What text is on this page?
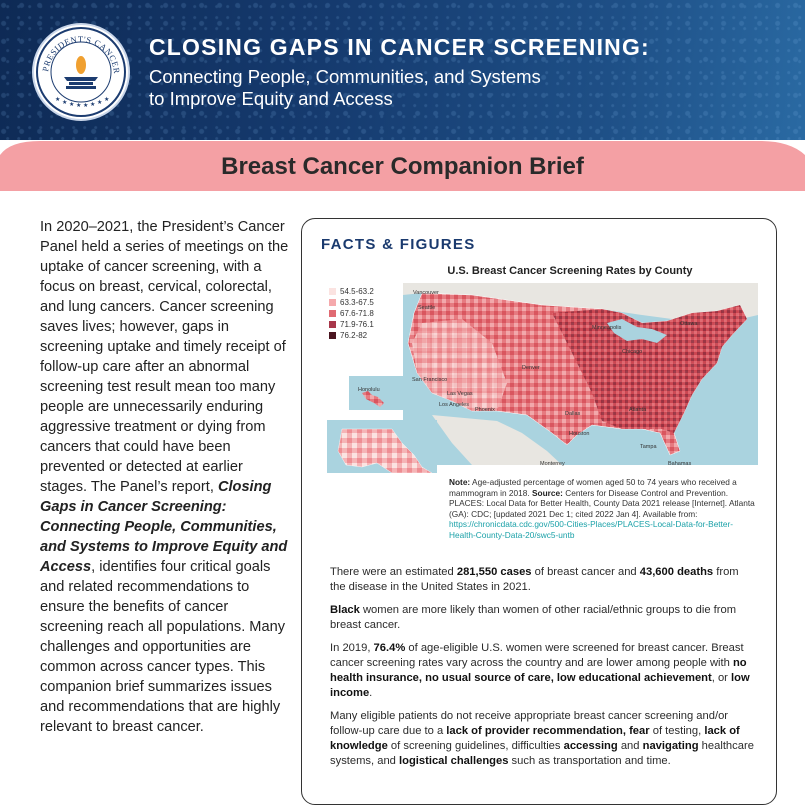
PRESIDENT'S CANCER
★ ★ ★ ★ ★ ★ ★ ★
CLOSING GAPS IN CANCER SCREENING:
Connecting People, Communities, and Systems
to Improve Equity and Access
Breast Cancer Companion Brief

In 2020–2021, the President’s Cancer Panel held a series of meetings on the uptake of cancer screening, with a focus on breast, cervical, colorectal, and lung cancers. Cancer screening saves lives; however, gaps in screening uptake and timely receipt of follow-up care after an abnormal screening test result mean too many people are unnecessarily enduring aggressive treatment or dying from cancers that could have been prevented or detected at earlier stages. The Panel’s report, Closing Gaps in Cancer Screening: Connecting People, Communities, and Systems to Improve Equity and Access, identifies four critical goals and related recommendations to ensure the benefits of cancer screening reach all populations. Many challenges and opportunities are common across cancer types. This companion brief summarizes issues and recommendations that are highly relevant to breast cancer.

FACTS & FIGURES
U.S. Breast Cancer Screening Rates by County
Vancouver
Seattle
Minneapolis
Ottawa
Chicago
San Francisco
Denver
Honolulu
Las Vegas
Los Angeles
Phoenix	Atlanta
Dallas
Houston
Tampa
Monterrey	Bahamas
54.5-63.2
63.3-67.5
67.6-71.8
71.9-76.1
76.2-82
Note: Age-adjusted percentage of women aged 50 to 74 years who received a mammogram in 2018. Source: Centers for Disease Control and Prevention. PLACES: Local Data for Better Health, County Data 2021 release [Internet]. Atlanta (GA): CDC; [updated 2021 Dec 1; cited 2022 Jan 4]. Available from: https://chronicdata.cdc.gov/500-Cities-Places/PLACES-Local-Data-for-Better-Health-County-Data-20/swc5-untb

There were an estimated 281,550 cases of breast cancer and 43,600 deaths from the disease in the United States in 2021.

Black women are more likely than women of other racial/ethnic groups to die from breast cancer.

In 2019, 76.4% of age-eligible U.S. women were screened for breast cancer. Breast cancer screening rates vary across the country and are lower among people with no health insurance, no usual source of care, low educational achievement, or low income.

Many eligible patients do not receive appropriate breast cancer screening and/or follow-up care due to a lack of provider recommendation, fear of testing, lack of knowledge of screening guidelines, difficulties accessing and navigating healthcare systems, and logistical challenges such as transportation and time.
